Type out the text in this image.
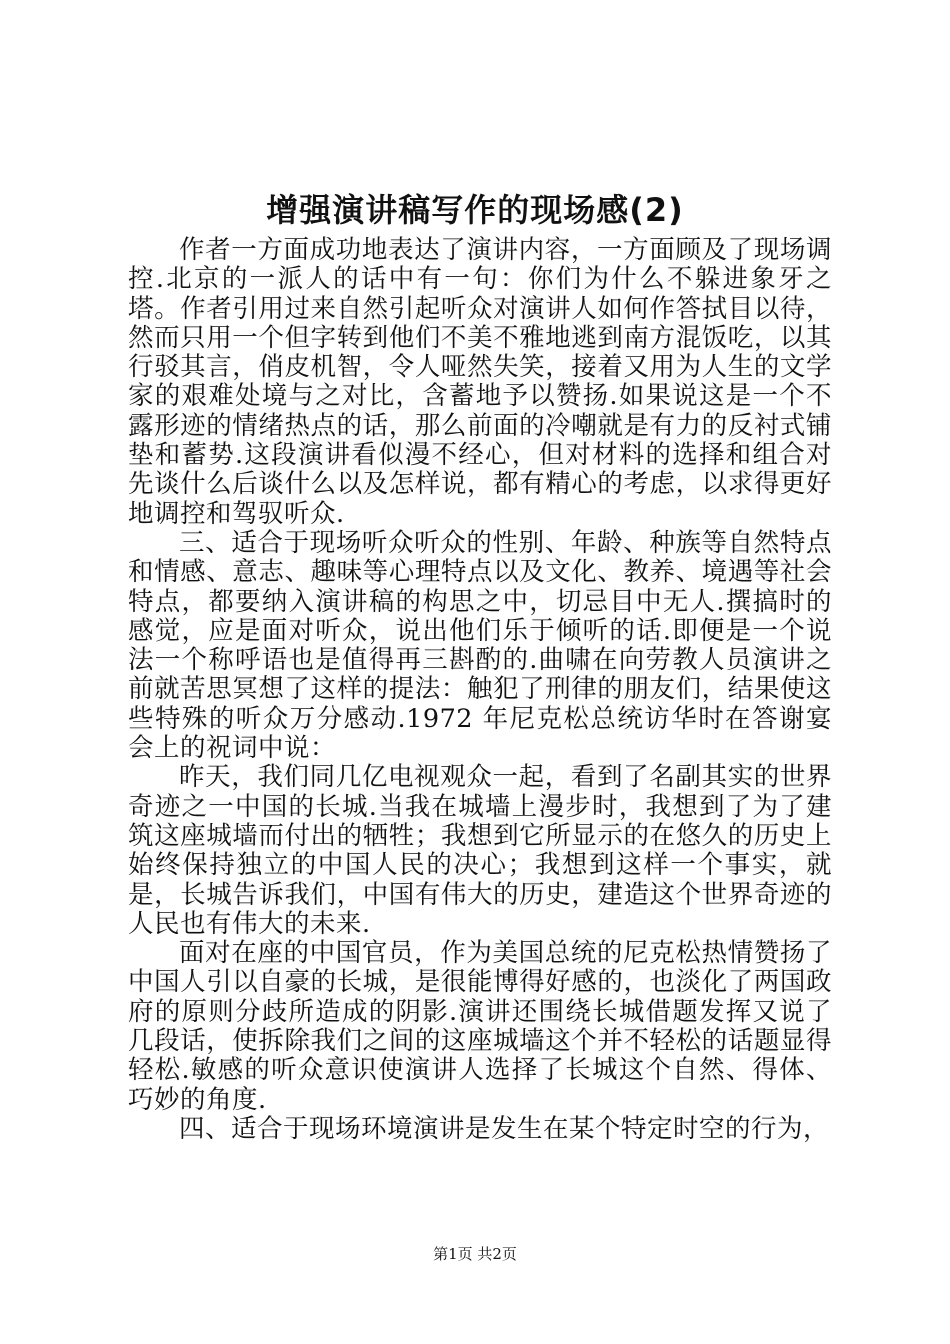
增强演讲稿写作的现场感(2)

作者一方面成功地表达了演讲内容，一方面顾及了现场调控.北京的一派人的话中有一句：你们为什么不躲进象牙之塔。作者引用过来自然引起听众对演讲人如何作答拭目以待，然而只用一个但字转到他们不美不雅地逃到南方混饭吃，以其行驳其言，俏皮机智，令人哑然失笑，接着又用为人生的文学家的艰难处境与之对比，含蓄地予以赞扬.如果说这是一个不露形迹的情绪热点的话，那么前面的冷嘲就是有力的反衬式铺垫和蓄势.这段演讲看似漫不经心，但对材料的选择和组合对先谈什么后谈什么以及怎样说，都有精心的考虑，以求得更好地调控和驾驭听众.

三、适合于现场听众听众的性别、年龄、种族等自然特点和情感、意志、趣味等心理特点以及文化、教养、境遇等社会特点，都要纳入演讲稿的构思之中，切忌目中无人.撰搞时的感觉，应是面对听众，说出他们乐于倾听的话.即便是一个说法一个称呼语也是值得再三斟酌的.曲啸在向劳教人员演讲之前就苦思冥想了这样的提法：触犯了刑律的朋友们，结果使这些特殊的听众万分感动.1972 年尼克松总统访华时在答谢宴会上的祝词中说：

昨天，我们同几亿电视观众一起，看到了名副其实的世界奇迹之一中国的长城.当我在城墙上漫步时，我想到了为了建筑这座城墙而付出的牺牲；我想到它所显示的在悠久的历史上始终保持独立的中国人民的决心；我想到这样一个事实，就是，长城告诉我们，中国有伟大的历史，建造这个世界奇迹的人民也有伟大的未来.

面对在座的中国官员，作为美国总统的尼克松热情赞扬了中国人引以自豪的长城，是很能博得好感的，也淡化了两国政府的原则分歧所造成的阴影.演讲还围绕长城借题发挥又说了几段话，使拆除我们之间的这座城墙这个并不轻松的话题显得轻松.敏感的听众意识使演讲人选择了长城这个自然、得体、巧妙的角度.

四、适合于现场环境演讲是发生在某个特定时空的行为，

第1页 共2页
